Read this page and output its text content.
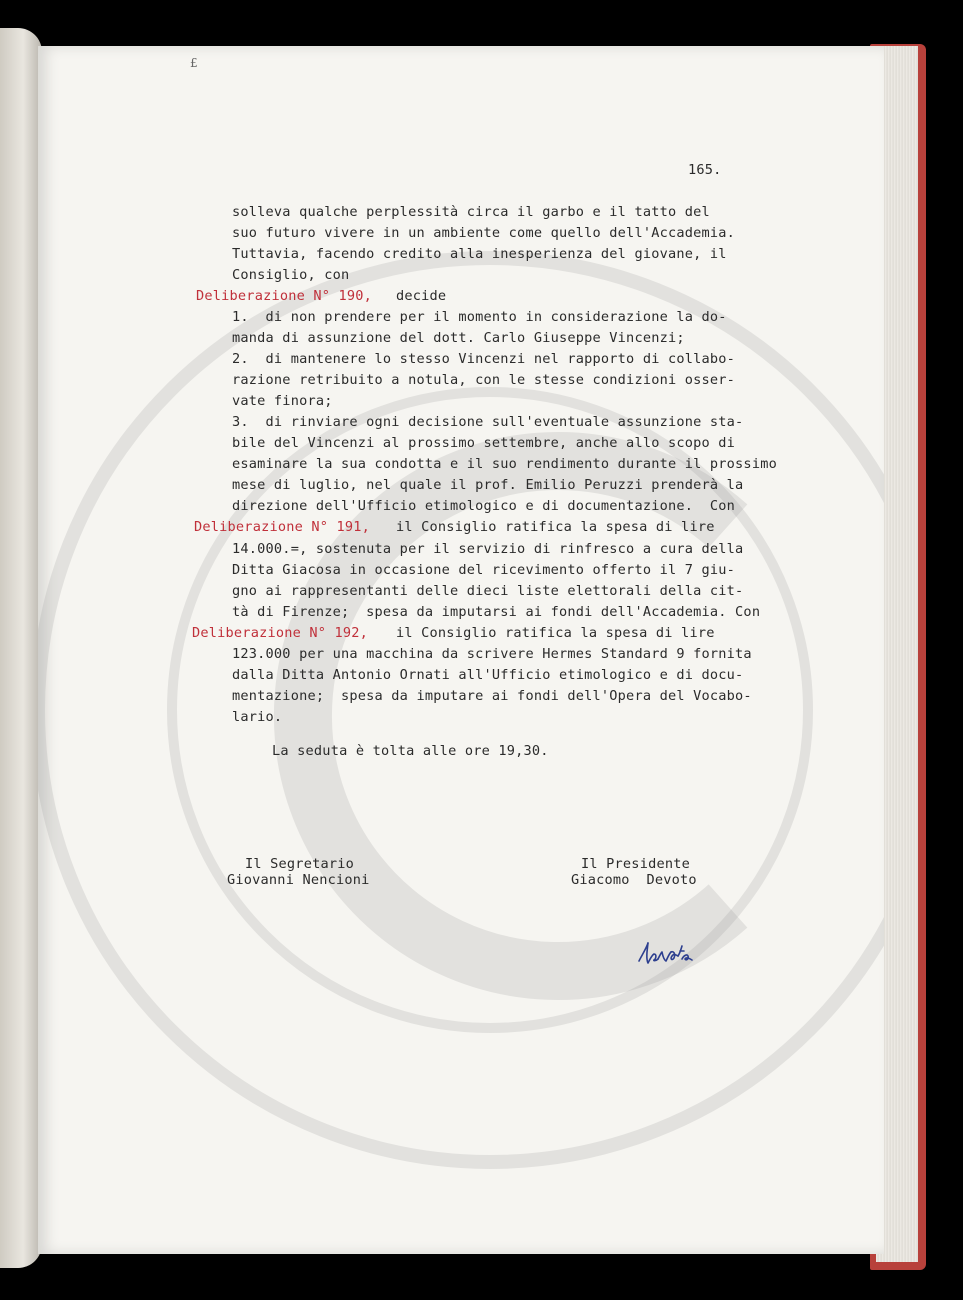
£
165.
solleva qualche perplessità circa il garbo e il tatto del
suo futuro vivere in un ambiente come quello dell'Accademia.
Tuttavia, facendo credito alla inesperienza del giovane, il
Consiglio, con
Deliberazione N° 190, decide
1.  di non prendere per il momento in considerazione la do-
manda di assunzione del dott. Carlo Giuseppe Vincenzi;
2.  di mantenere lo stesso Vincenzi nel rapporto di collabo-
razione retribuito a notula, con le stesse condizioni osser-
vate finora;
3.  di rinviare ogni decisione sull'eventuale assunzione sta-
bile del Vincenzi al prossimo settembre, anche allo scopo di
esaminare la sua condotta e il suo rendimento durante il prossimo
mese di luglio, nel quale il prof. Emilio Peruzzi prenderà la
direzione dell'Ufficio etimologico e di documentazione.  Con
Deliberazione N° 191, il Consiglio ratifica la spesa di lire
14.000.=, sostenuta per il servizio di rinfresco a cura della
Ditta Giacosa in occasione del ricevimento offerto il 7 giu-
gno ai rappresentanti delle dieci liste elettorali della cit-
tà di Firenze;  spesa da imputarsi ai fondi dell'Accademia. Con
Deliberazione N° 192, il Consiglio ratifica la spesa di lire
123.000 per una macchina da scrivere Hermes Standard 9 fornita
dalla Ditta Antonio Ornati all'Ufficio etimologico e di docu-
mentazione;  spesa da imputare ai fondi dell'Opera del Vocabo-
lario.
La seduta è tolta alle ore 19,30.
Il Segretario
Giovanni Nencioni
Il Presidente
Giacomo  Devoto
